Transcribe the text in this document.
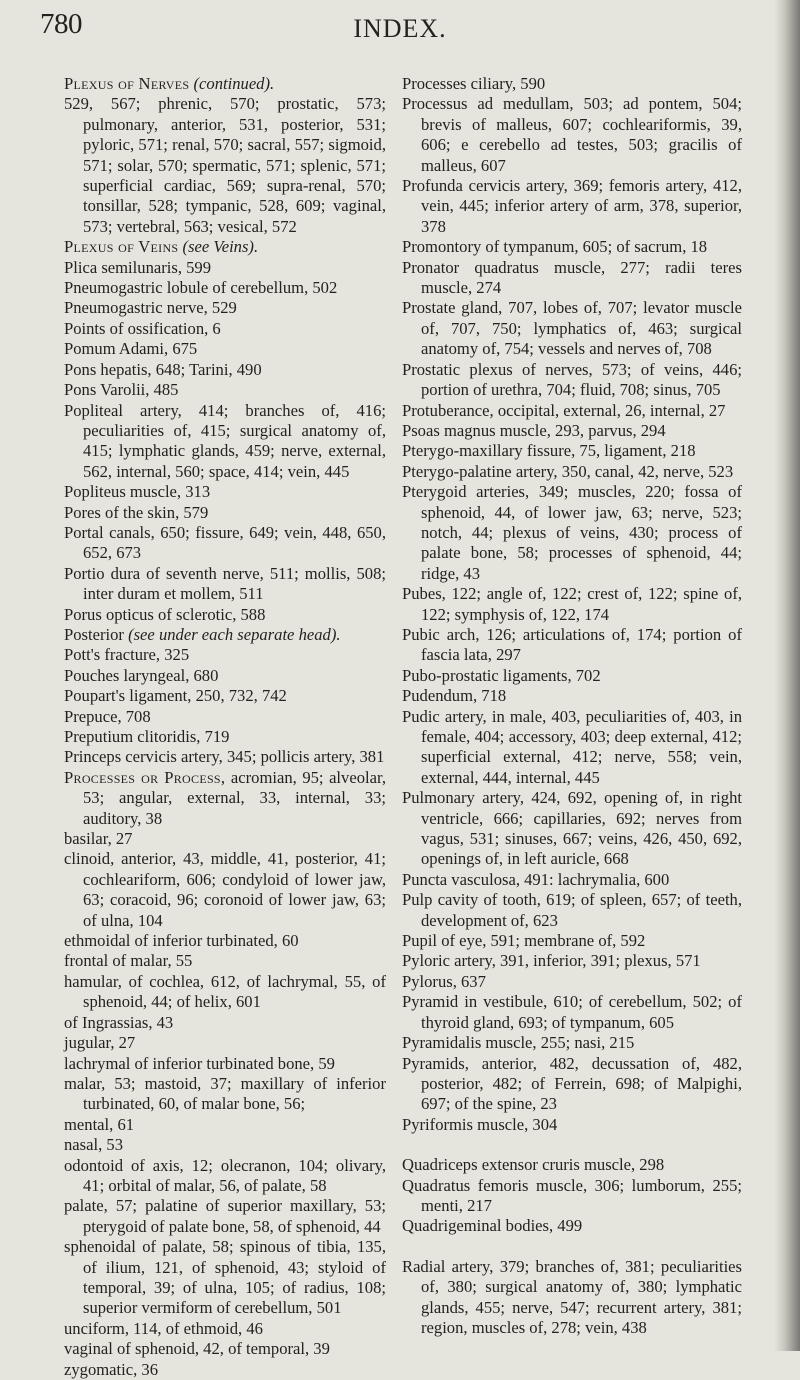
780	INDEX.
Plexus of Nerves (continued).
529, 567; phrenic, 570; prostatic, 573; pulmonary, anterior, 531, posterior, 531; pyloric, 571; renal, 570; sacral, 557; sigmoid, 571; solar, 570; spermatic, 571; splenic, 571; superficial cardiac, 569; supra-renal, 570; tonsillar, 528; tympanic, 528, 609; vaginal, 573; vertebral, 563; vesical, 572
Plexus of Veins (see Veins).
Plica semilunaris, 599
Pneumogastric lobule of cerebellum, 502
Pneumogastric nerve, 529
Points of ossification, 6
Pomum Adami, 675
Pons hepatis, 648; Tarini, 490
Pons Varolii, 485
Popliteal artery, 414; branches of, 416; peculiarities of, 415; surgical anatomy of, 415; lymphatic glands, 459; nerve, external, 562, internal, 560; space, 414; vein, 445
Popliteus muscle, 313
Pores of the skin, 579
Portal canals, 650; fissure, 649; vein, 448, 650, 652, 673
Portio dura of seventh nerve, 511; mollis, 508; inter duram et mollem, 511
Porus opticus of sclerotic, 588
Posterior (see under each separate head).
Pott's fracture, 325
Pouches laryngeal, 680
Poupart's ligament, 250, 732, 742
Prepuce, 708
Preputium clitoridis, 719
Princeps cervicis artery, 345; pollicis artery, 381
Processes or Process, acromian, 95; alveolar, 53; angular, external, 33, internal, 33; auditory, 38
basilar, 27
clinoid, anterior, 43, middle, 41, posterior, 41; cochleariform, 606; condyloid of lower jaw, 63; coracoid, 96; coronoid of lower jaw, 63; of ulna, 104
ethmoidal of inferior turbinated, 60
frontal of malar, 55
hamular, of cochlea, 612, of lachrymal, 55, of sphenoid, 44; of helix, 601
of Ingrassias, 43
jugular, 27
lachrymal of inferior turbinated bone, 59
malar, 53; mastoid, 37; maxillary of inferior turbinated, 60, of malar bone, 56;
mental, 61
nasal, 53
odontoid of axis, 12; olecranon, 104; olivary, 41; orbital of malar, 56, of palate, 58
palate, 57; palatine of superior maxillary, 53; pterygoid of palate bone, 58, of sphenoid, 44
sphenoidal of palate, 58; spinous of tibia, 135, of ilium, 121, of sphenoid, 43; styloid of temporal, 39; of ulna, 105; of radius, 108; superior vermiform of cerebellum, 501
unciform, 114, of ethmoid, 46
vaginal of sphenoid, 42, of temporal, 39
zygomatic, 36
Processes ciliary, 590
Processus ad medullam, 503; ad pontem, 504; brevis of malleus, 607; cochleariformis, 39, 606; e cerebello ad testes, 503; gracilis of malleus, 607
Profunda cervicis artery, 369; femoris artery, 412, vein, 445; inferior artery of arm, 378, superior, 378
Promontory of tympanum, 605; of sacrum, 18
Pronator quadratus muscle, 277; radii teres muscle, 274
Prostate gland, 707, lobes of, 707; levator muscle of, 707, 750; lymphatics of, 463; surgical anatomy of, 754; vessels and nerves of, 708
Prostatic plexus of nerves, 573; of veins, 446; portion of urethra, 704; fluid, 708; sinus, 705
Protuberance, occipital, external, 26, internal, 27
Psoas magnus muscle, 293, parvus, 294
Pterygo-maxillary fissure, 75, ligament, 218
Pterygo-palatine artery, 350, canal, 42, nerve, 523
Pterygoid arteries, 349; muscles, 220; fossa of sphenoid, 44, of lower jaw, 63; nerve, 523; notch, 44; plexus of veins, 430; process of palate bone, 58; processes of sphenoid, 44; ridge, 43
Pubes, 122; angle of, 122; crest of, 122; spine of, 122; symphysis of, 122, 174
Pubic arch, 126; articulations of, 174; portion of fascia lata, 297
Pubo-prostatic ligaments, 702
Pudendum, 718
Pudic artery, in male, 403, peculiarities of, 403, in female, 404; accessory, 403; deep external, 412; superficial external, 412; nerve, 558; vein, external, 444, internal, 445
Pulmonary artery, 424, 692, opening of, in right ventricle, 666; capillaries, 692; nerves from vagus, 531; sinuses, 667; veins, 426, 450, 692, openings of, in left auricle, 668
Puncta vasculosa, 491: lachrymalia, 600
Pulp cavity of tooth, 619; of spleen, 657; of teeth, development of, 623
Pupil of eye, 591; membrane of, 592
Pyloric artery, 391, inferior, 391; plexus, 571
Pylorus, 637
Pyramid in vestibule, 610; of cerebellum, 502; of thyroid gland, 693; of tympanum, 605
Pyramidalis muscle, 255; nasi, 215
Pyramids, anterior, 482, decussation of, 482, posterior, 482; of Ferrein, 698; of Malpighi, 697; of the spine, 23
Pyriformis muscle, 304
Quadriceps extensor cruris muscle, 298
Quadratus femoris muscle, 306; lumborum, 255; menti, 217
Quadrigeminal bodies, 499
Radial artery, 379; branches of, 381; peculiarities of, 380; surgical anatomy of, 380; lymphatic glands, 455; nerve, 547; recurrent artery, 381; region, muscles of, 278; vein, 438
